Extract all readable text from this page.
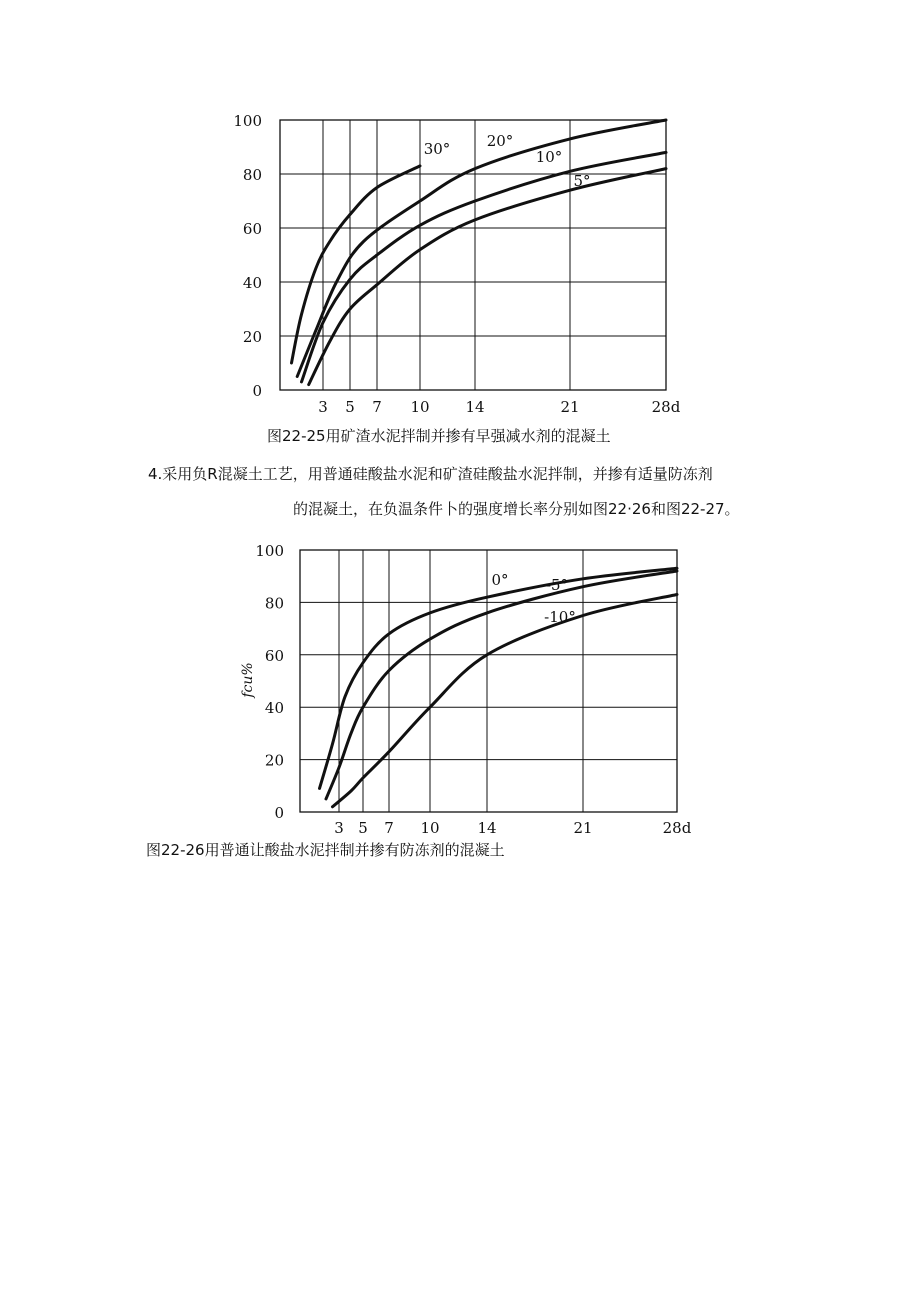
0
20
40
60
80
100
3 5 7 10 14	21	28d
30° 20°
10°
5°

图22-25用矿渣水泥拌制并掺有早强减水剂的混凝土

4.采用负R混凝土工艺，用普通硅酸盐水泥和矿渣硅酸盐水泥拌制，并掺有适量防冻剂

的混凝土，在负温条件卜的强度增长率分别如图22·26和图22-27。

0
20
40
60
80
100
3 5 7 10	14	21	28d
0° -5°
-10°
fcu%

图22-26用普通让酸盐水泥拌制并掺有防冻剂的混凝土
